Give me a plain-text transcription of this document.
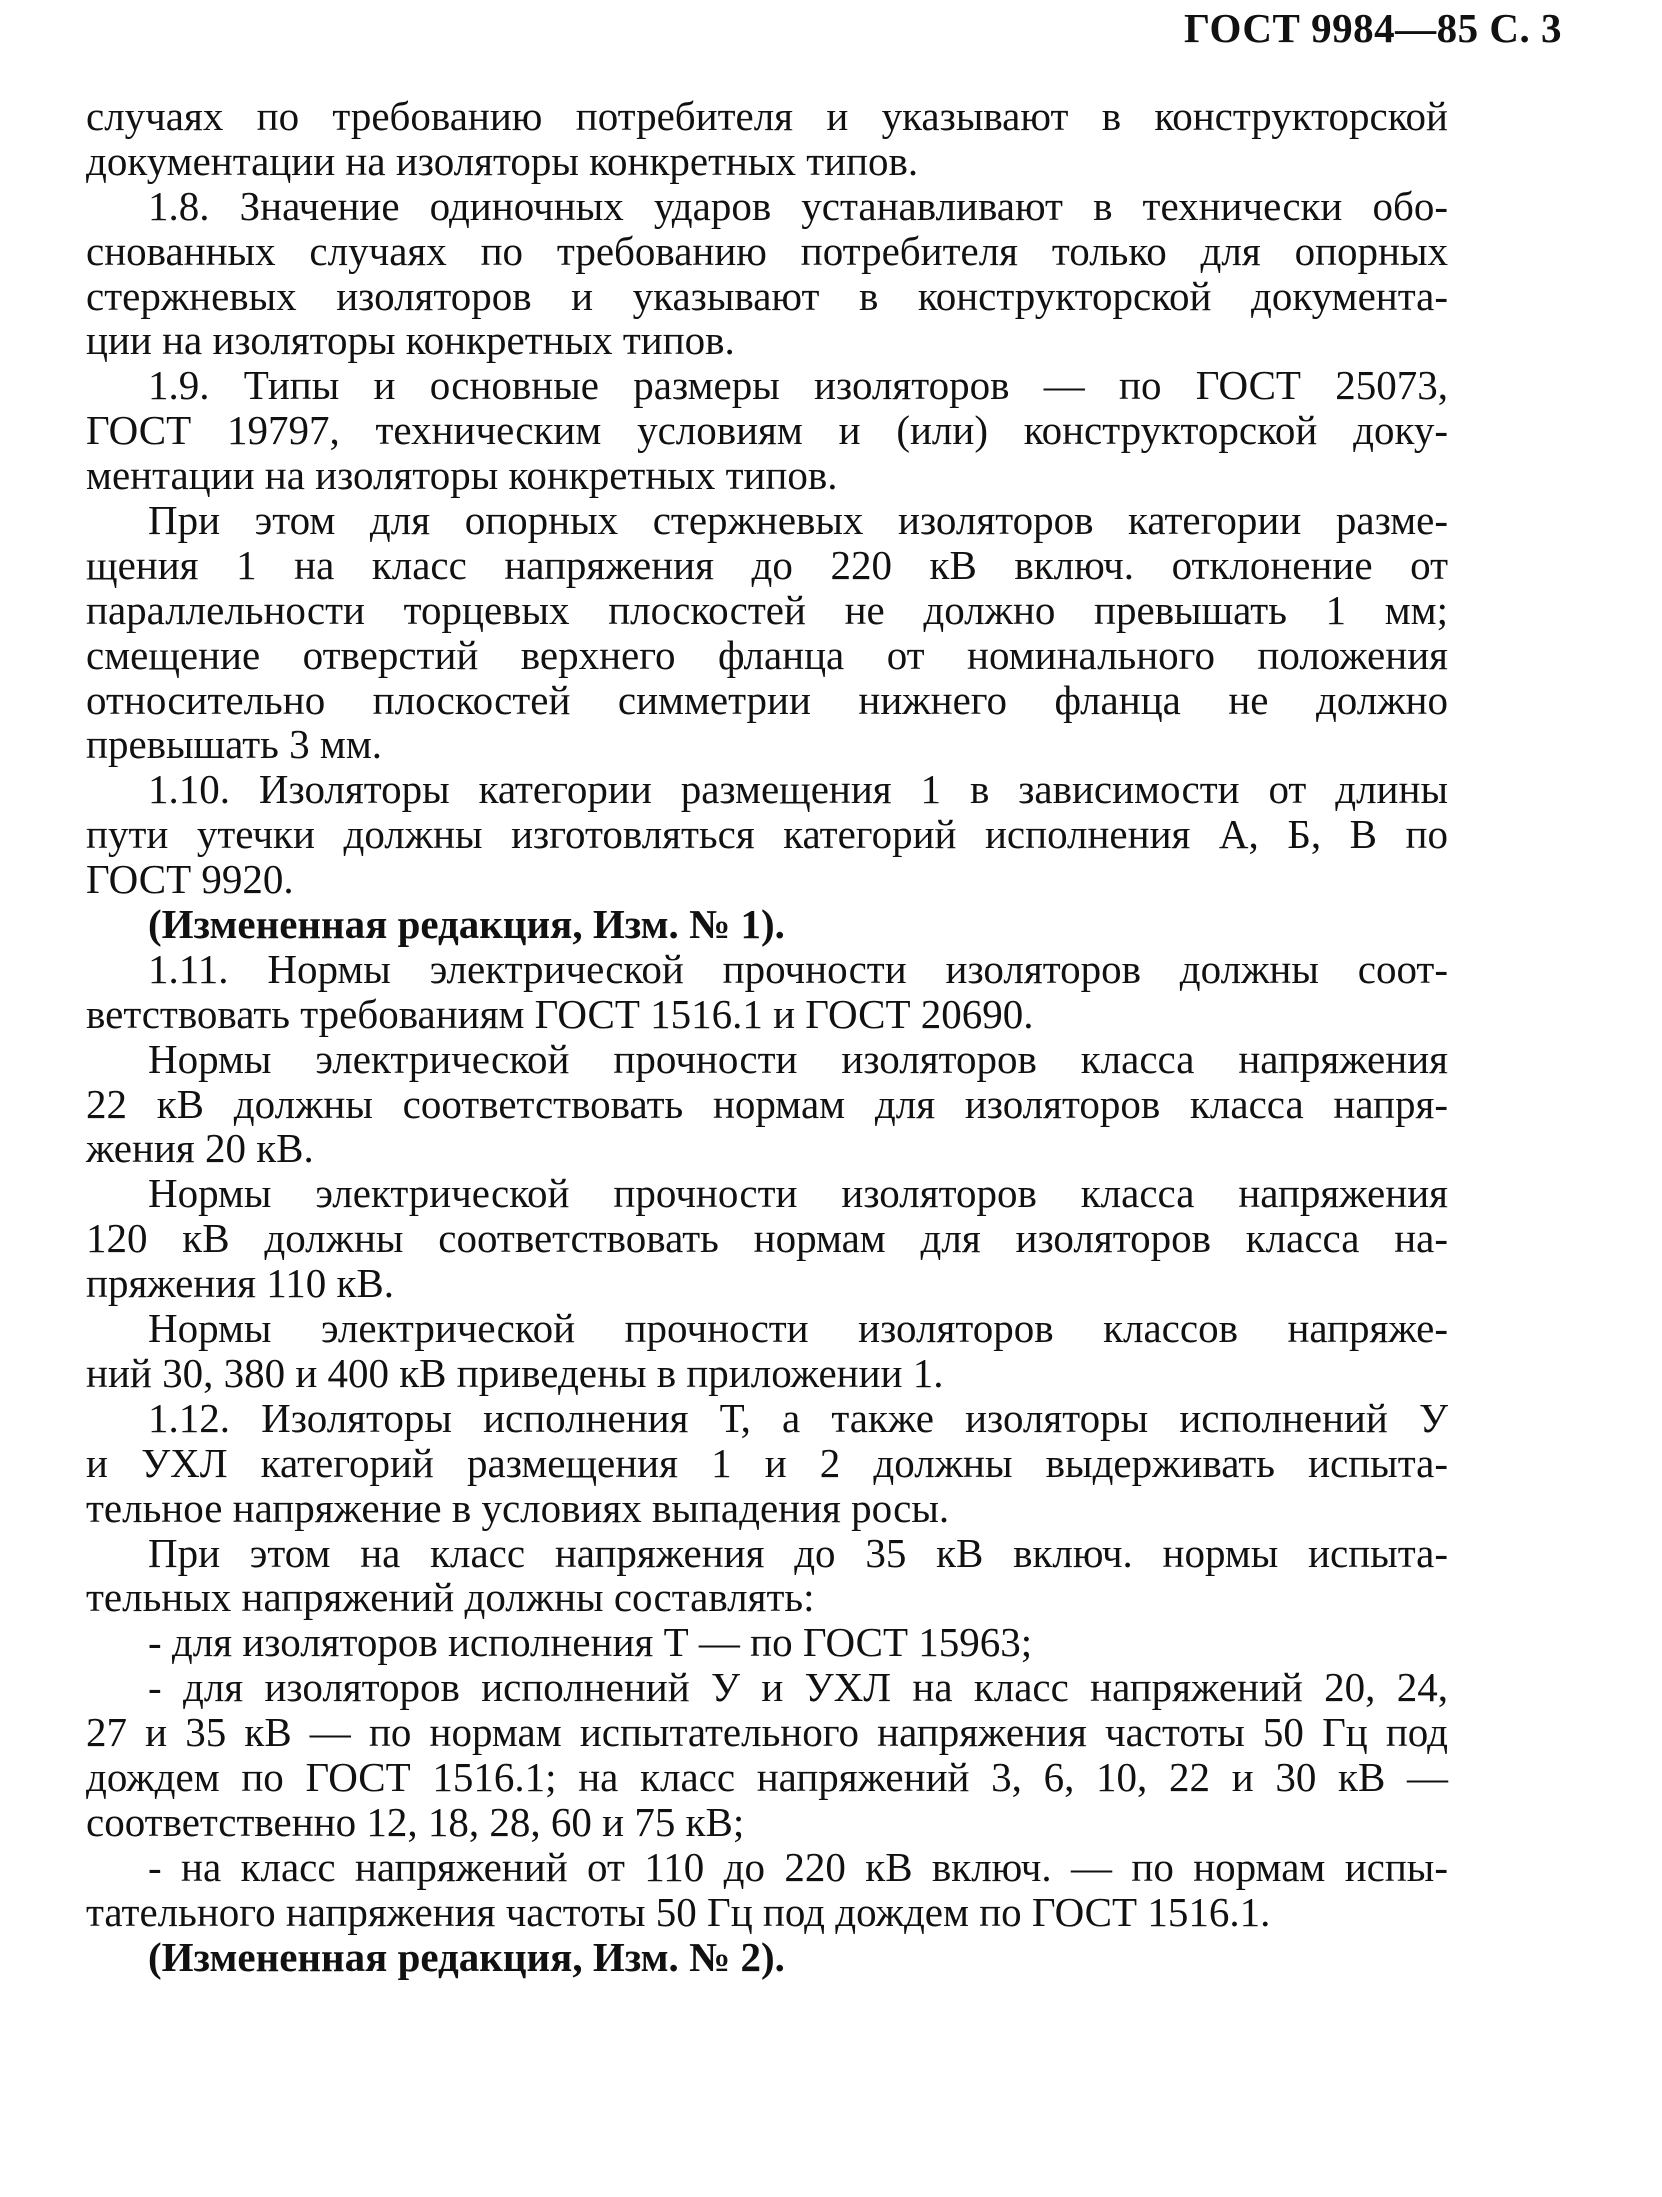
ГОСТ 9984—85 С. 3
случаях по требованию потребителя и указывают в конструкторской
документации на изоляторы конкретных типов.
1.8. Значение одиночных ударов устанавливают в технически обо-
снованных случаях по требованию потребителя только для опорных
стержневых изоляторов и указывают в конструкторской документа-
ции на изоляторы конкретных типов.
1.9. Типы и основные размеры изоляторов — по ГОСТ 25073,
ГОСТ 19797, техническим условиям и (или) конструкторской доку-
ментации на изоляторы конкретных типов.
При этом для опорных стержневых изоляторов категории разме-
щения 1 на класс напряжения до 220 кВ включ. отклонение от
параллельности торцевых плоскостей не должно превышать 1 мм;
смещение отверстий верхнего фланца от номинального положения
относительно плоскостей симметрии нижнего фланца не должно
превышать 3 мм.
1.10. Изоляторы категории размещения 1 в зависимости от длины
пути утечки должны изготовляться категорий исполнения А, Б, В по
ГОСТ 9920.
(Измененная редакция, Изм. № 1).
1.11. Нормы электрической прочности изоляторов должны соот-
ветствовать требованиям ГОСТ 1516.1 и ГОСТ 20690.
Нормы электрической прочности изоляторов класса напряжения
22 кВ должны соответствовать нормам для изоляторов класса напря-
жения 20 кВ.
Нормы электрической прочности изоляторов класса напряжения
120 кВ должны соответствовать нормам для изоляторов класса на-
пряжения 110 кВ.
Нормы электрической прочности изоляторов классов напряже-
ний 30, 380 и 400 кВ приведены в приложении 1.
1.12. Изоляторы исполнения Т, а также изоляторы исполнений У
и УХЛ категорий размещения 1 и 2 должны выдерживать испыта-
тельное напряжение в условиях выпадения росы.
При этом на класс напряжения до 35 кВ включ. нормы испыта-
тельных напряжений должны составлять:
- для изоляторов исполнения Т — по ГОСТ 15963;
- для изоляторов исполнений У и УХЛ на класс напряжений 20, 24,
27 и 35 кВ — по нормам испытательного напряжения частоты 50 Гц под
дождем по ГОСТ 1516.1; на класс напряжений 3, 6, 10, 22 и 30 кВ —
соответственно 12, 18, 28, 60 и 75 кВ;
- на класс напряжений от 110 до 220 кВ включ. — по нормам испы-
тательного напряжения частоты 50 Гц под дождем по ГОСТ 1516.1.
(Измененная редакция, Изм. № 2).
